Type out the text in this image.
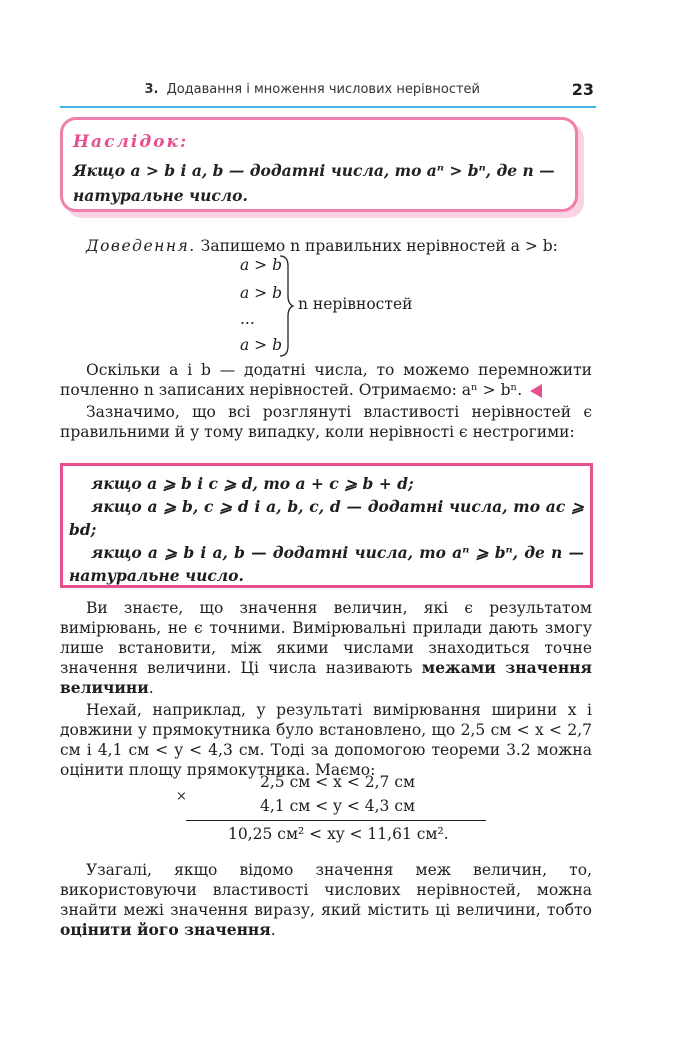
3. Додавання і множення числових нерівностей	23
Наслідок:
Якщо a > b і a, b — додатні числа, то aⁿ > bⁿ, де n — натуральне число.
Доведення. Запишемо n правильних нерівностей a > b:
a > b
a > b
...
a > b
n нерівностей
Оскільки a і b — додатні числа, то можемо перемножити почленно n записаних нерівностей. Отримаємо: aⁿ > bⁿ.
Зазначимо, що всі розглянуті властивості нерівностей є правильними й у тому випадку, коли нерівності є нестрогими:
якщо a ⩾ b і c ⩾ d, то a + c ⩾ b + d;
якщо a ⩾ b, c ⩾ d і a, b, c, d — додатні числа, то ac ⩾ bd;
якщо a ⩾ b і a, b — додатні числа, то aⁿ ⩾ bⁿ, де n — натуральне число.
Ви знаєте, що значення величин, які є результатом вимірювань, не є точними. Вимірювальні прилади дають змогу лише встановити, між якими числами знаходиться точне значення величини. Ці числа називають межами значення величини.
Нехай, наприклад, у результаті вимірювання ширини x і довжини y прямокутника було встановлено, що 2,5 см < x < 2,7 см і 4,1 см < y < 4,3 см. Тоді за допомогою теореми 3.2 можна оцінити площу прямокутника. Маємо:
×
2,5 см < x < 2,7 см
4,1 см < y < 4,3 см
10,25 см² < xy < 11,61 см².
Узагалі, якщо відомо значення меж величин, то, використовуючи властивості числових нерівностей, можна знайти межі значення виразу, який містить ці величини, тобто оцінити його значення.
